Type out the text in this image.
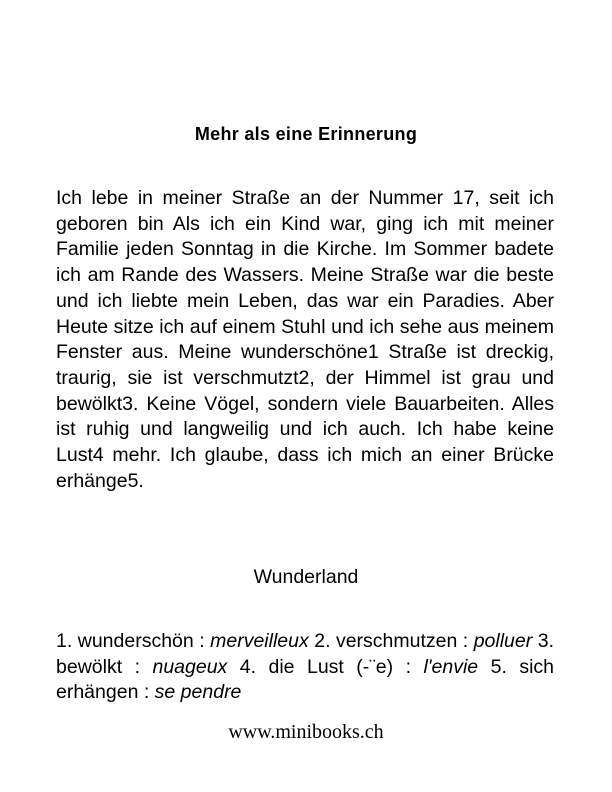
Mehr als eine Erinnerung

Ich lebe in meiner Straße an der Nummer 17, seit ich geboren bin Als ich ein Kind war, ging ich mit meiner Familie jeden Sonntag in die Kirche. Im Sommer badete ich am Rande des Wassers. Meine Straße war die beste und ich liebte mein Leben, das war ein Paradies. Aber Heute sitze ich auf einem Stuhl und ich sehe aus meinem Fenster aus. Meine wunderschöne1 Straße ist dreckig, traurig, sie ist verschmutzt2, der Himmel ist grau und bewölkt3. Keine Vögel, sondern viele Bauarbeiten. Alles ist ruhig und langweilig und ich auch. Ich habe keine Lust4 mehr. Ich glaube, dass ich mich an einer Brücke erhänge5.

Wunderland

1. wunderschön : merveilleux 2. verschmutzen : polluer 3. bewölkt : nuageux 4. die Lust (-¨e) : l'envie 5. sich erhängen : se pendre

www.minibooks.ch
